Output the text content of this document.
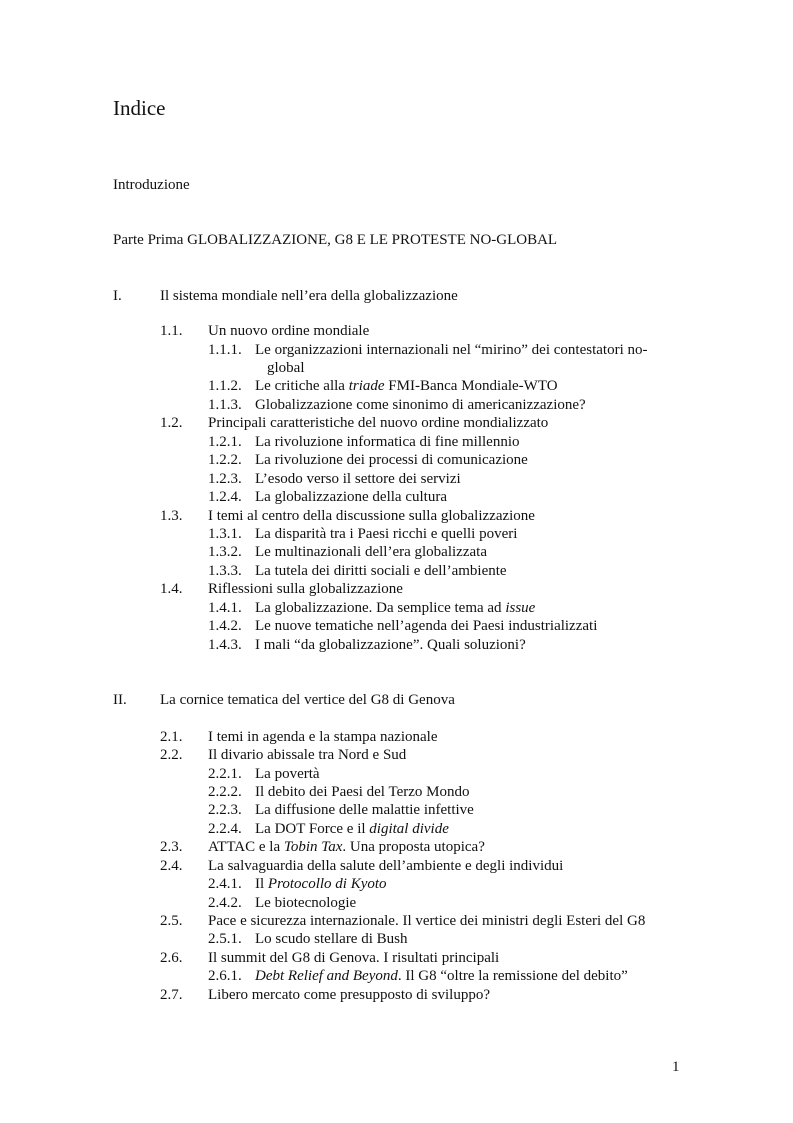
Indice
Introduzione
Parte Prima GLOBALIZZAZIONE, G8 E LE PROTESTE NO-GLOBAL
I.	Il sistema mondiale nell’era della globalizzazione
1.1. Un nuovo ordine mondiale
1.1.1. Le organizzazioni internazionali nel “mirino” dei contestatori no-
global
1.1.2. Le critiche alla triade FMI-Banca Mondiale-WTO
1.1.3. Globalizzazione come sinonimo di americanizzazione?
1.2. Principali caratteristiche del nuovo ordine mondializzato
1.2.1. La rivoluzione informatica di fine millennio
1.2.2. La rivoluzione dei processi di comunicazione
1.2.3. L’esodo verso il settore dei servizi
1.2.4. La globalizzazione della cultura
1.3. I temi al centro della discussione sulla globalizzazione
1.3.1. La disparità tra i Paesi ricchi e quelli poveri
1.3.2. Le multinazionali dell’era globalizzata
1.3.3. La tutela dei diritti sociali e dell’ambiente
1.4. Riflessioni sulla globalizzazione
1.4.1. La globalizzazione. Da semplice tema ad issue
1.4.2. Le nuove tematiche nell’agenda dei Paesi industrializzati
1.4.3. I mali “da globalizzazione”. Quali soluzioni?
II. La cornice tematica del vertice del G8 di Genova
2.1. I temi in agenda e la stampa nazionale
2.2. Il divario abissale tra Nord e Sud
2.2.1. La povertà
2.2.2. Il debito dei Paesi del Terzo Mondo
2.2.3. La diffusione delle malattie infettive
2.2.4. La DOT Force e il digital divide
2.3. ATTAC e la Tobin Tax. Una proposta utopica?
2.4. La salvaguardia della salute dell’ambiente e degli individui
2.4.1. Il Protocollo di Kyoto
2.4.2. Le biotecnologie
2.5. Pace e sicurezza internazionale. Il vertice dei ministri degli Esteri del G8
2.5.1. Lo scudo stellare di Bush
2.6. Il summit del G8 di Genova. I risultati principali
2.6.1. Debt Relief and Beyond. Il G8 “oltre la remissione del debito”
2.7. Libero mercato come presupposto di sviluppo?
1
